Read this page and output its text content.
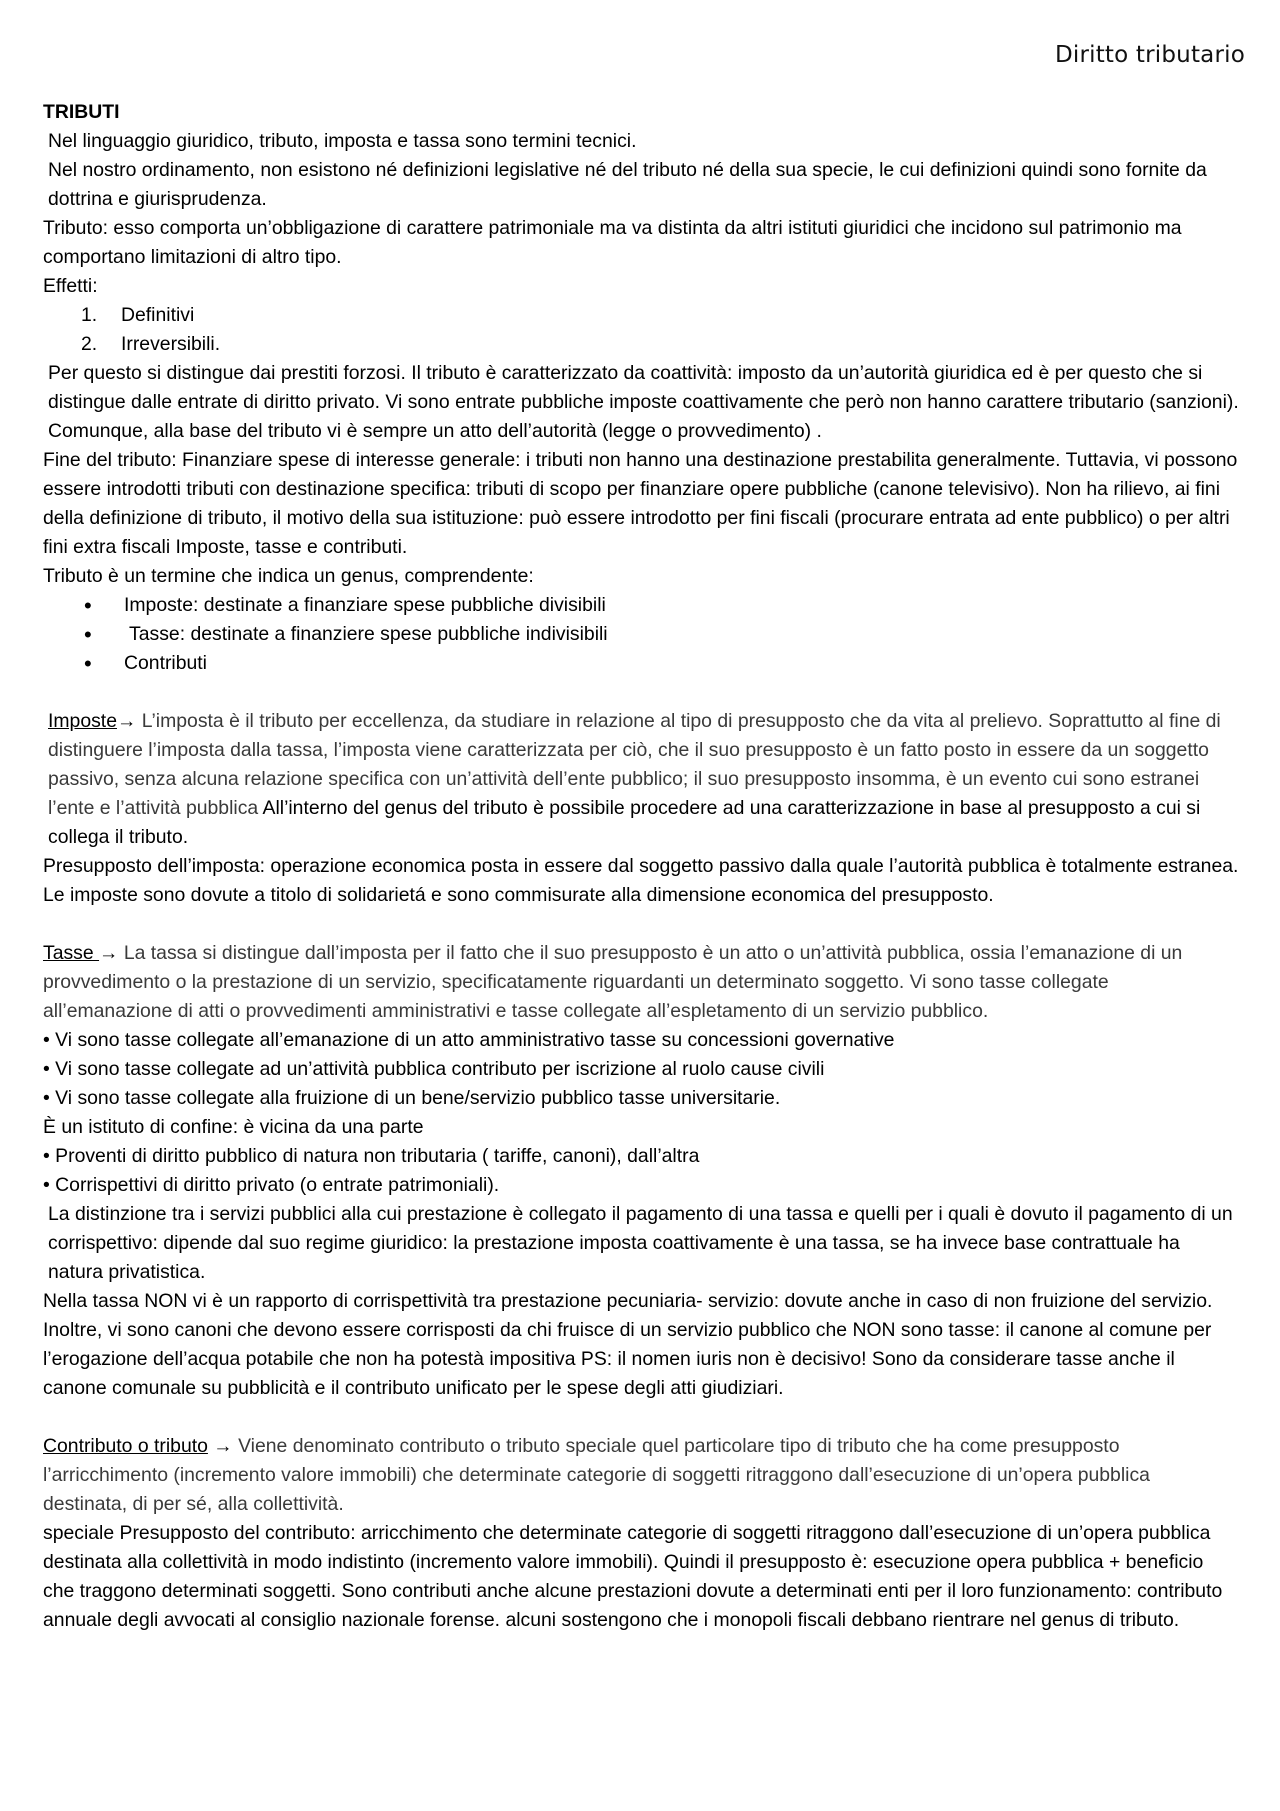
Diritto tributario

TRIBUTI

Nel linguaggio giuridico, tributo, imposta e tassa sono termini tecnici.

Nel nostro ordinamento, non esistono né definizioni legislative né del tributo né della sua specie, le cui definizioni quindi sono fornite da dottrina e giurisprudenza.

Tributo: esso comporta un’obbligazione di carattere patrimoniale ma va distinta da altri istituti giuridici che incidono sul patrimonio ma comportano limitazioni di altro tipo.

Effetti:

1. Definitivi
2. Irreversibili.

Per questo si distingue dai prestiti forzosi. Il tributo è caratterizzato da coattività: imposto da un’autorità giuridica ed è per questo che si distingue dalle entrate di diritto privato. Vi sono entrate pubbliche imposte coattivamente che però non hanno carattere tributario (sanzioni). Comunque, alla base del tributo vi è sempre un atto dell’autorità (legge o provvedimento) .

Fine del tributo: Finanziare spese di interesse generale: i tributi non hanno una destinazione prestabilita generalmente. Tuttavia, vi possono essere introdotti tributi con destinazione specifica: tributi di scopo per finanziare opere pubbliche (canone televisivo). Non ha rilievo, ai fini della definizione di tributo, il motivo della sua istituzione: può essere introdotto per fini fiscali (procurare entrata ad ente pubblico) o per altri fini extra fiscali Imposte, tasse e contributi.

Tributo è un termine che indica un genus, comprendente:

• Imposte: destinate a finanziare spese pubbliche divisibili
•  Tasse: destinate a finanziere spese pubbliche indivisibili
• Contributi

Imposte→ L’imposta è il tributo per eccellenza, da studiare in relazione al tipo di presupposto che da vita al prelievo. Soprattutto al fine di distinguere l’imposta dalla tassa, l’imposta viene caratterizzata per ciò, che il suo presupposto è un fatto posto in essere da un soggetto passivo, senza alcuna relazione specifica con un’attività dell’ente pubblico; il suo presupposto insomma, è un evento cui sono estranei l’ente e l’attività pubblica All’interno del genus del tributo è possibile procedere ad una caratterizzazione in base al presupposto a cui si collega il tributo.

Presupposto dell’imposta: operazione economica posta in essere dal soggetto passivo dalla quale l’autorità pubblica è totalmente estranea.

Le imposte sono dovute a titolo di solidarietá e sono commisurate alla dimensione economica del presupposto.

Tasse → La tassa si distingue dall’imposta per il fatto che il suo presupposto è un atto o un’attività pubblica, ossia l’emanazione di un provvedimento o la prestazione di un servizio, specificatamente riguardanti un determinato soggetto. Vi sono tasse collegate all’emanazione di atti o provvedimenti amministrativi e tasse collegate all’espletamento di un servizio pubblico.

• Vi sono tasse collegate all’emanazione di un atto amministrativo tasse su concessioni governative

• Vi sono tasse collegate ad un’attività pubblica contributo per iscrizione al ruolo cause civili

• Vi sono tasse collegate alla fruizione di un bene/servizio pubblico tasse universitarie.

È un istituto di confine: è vicina da una parte

• Proventi di diritto pubblico di natura non tributaria ( tariffe, canoni), dall’altra

• Corrispettivi di diritto privato (o entrate patrimoniali).

La distinzione tra i servizi pubblici alla cui prestazione è collegato il pagamento di una tassa e quelli per i quali è dovuto il pagamento di un corrispettivo: dipende dal suo regime giuridico: la prestazione imposta coattivamente è una tassa, se ha invece base contrattuale ha natura privatistica.

Nella tassa NON vi è un rapporto di corrispettività tra prestazione pecuniaria- servizio: dovute anche in caso di non fruizione del servizio. Inoltre, vi sono canoni che devono essere corrisposti da chi fruisce di un servizio pubblico che NON sono tasse: il canone al comune per l’erogazione dell’acqua potabile che non ha potestà impositiva PS: il nomen iuris non è decisivo! Sono da considerare tasse anche il canone comunale su pubblicità e il contributo unificato per le spese degli atti giudiziari.

Contributo o tributo → Viene denominato contributo o tributo speciale quel particolare tipo di tributo che ha come presupposto l’arricchimento (incremento valore immobili) che determinate categorie di soggetti ritraggono dall’esecuzione di un’opera pubblica destinata, di per sé, alla collettività.

speciale Presupposto del contributo: arricchimento che determinate categorie di soggetti ritraggono dall’esecuzione di un’opera pubblica destinata alla collettività in modo indistinto (incremento valore immobili). Quindi il presupposto è: esecuzione opera pubblica + beneficio che traggono determinati soggetti. Sono contributi anche alcune prestazioni dovute a determinati enti per il loro funzionamento: contributo annuale degli avvocati al consiglio nazionale forense. alcuni sostengono che i monopoli fiscali debbano rientrare nel genus di tributo.
